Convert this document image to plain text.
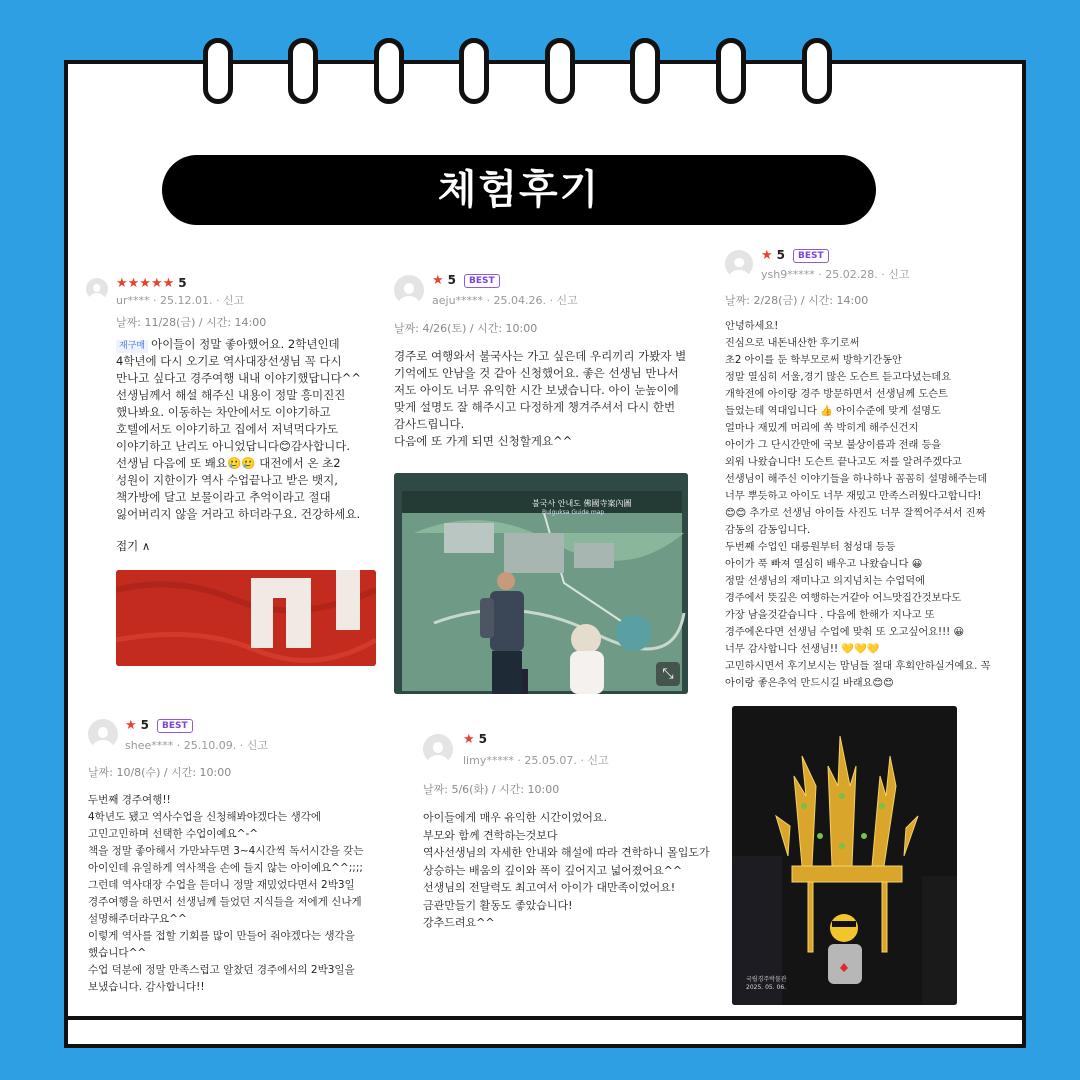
체험후기
★★★★★ 5
ur**** · 25.12.01. · 신고
날짜: 11/28(금) / 시간: 14:00
재구매 아이들이 정말 좋아했어요. 2학년인데
4학년에 다시 오기로 역사대장선생님 꼭 다시
만나고 싶다고 경주여행 내내 이야기했답니다^^
선생님께서 해설 해주신 내용이 정말 흥미진진
했나봐요. 이동하는 차안에서도 이야기하고
호텔에서도 이야기하고 집에서 저녁먹다가도
이야기하고 난리도 아니었답니다😊감사합니다.
선생님 다음에 또 봬요🥲🥲 대전에서 온 초2
성원이 지한이가 역사 수업끝나고 받은 뱃지,
책가방에 달고 보물이라고 추억이라고 절대
잃어버리지 않을 거라고 하더라구요. 건강하세요.
접기 ∧
★ 5 BEST
aeju***** · 25.04.26. · 신고
날짜: 4/26(토) / 시간: 10:00
경주로 여행와서 불국사는 가고 싶은데 우리끼리 가봤자 별
기억에도 안남을 것 같아 신청했어요. 좋은 선생님 만나서
저도 아이도 너무 유익한 시간 보냈습니다. 아이 눈높이에
맞게 설명도 잘 해주시고 다정하게 챙겨주셔서 다시 한번
감사드립니다.
다음에 또 가게 되면 신청할게요^^
불국사 안내도 佛國寺案內圖
Bulguksa Guide map
⤡
★ 5 BEST
ysh9***** · 25.02.28. · 신고
날짜: 2/28(금) / 시간: 14:00
안녕하세요!
진심으로 내돈내산한 후기로써
초2 아이를 둔 학부모로써 방학기간동안
정말 열심히 서울,경기 많은 도슨트 듣고다녔는데요
개학전에 아이랑 경주 방문하면서 선생님께 도슨트
들었는데 역대입니다 👍 아이수준에 맞게 설명도
얼마나 재밌게 머리에 쏙 박히게 해주신건지
아이가 그 단시간만에 국보 불상이름과 전래 등을
외워 나왔습니다! 도슨트 끝나고도 저를 알려주겠다고
선생님이 해주신 이야기들을 하나하나 꼼꼼히 설명해주는데
너무 뿌듯하고 아이도 너무 재밌고 만족스러웠다고합니다!
😊😊 추가로 선생님 아이들 사진도 너무 잘찍어주셔서 진짜
감동의 감동입니다.
두번째 수업인 대릉원부터 첨성대 등등
아이가 푹 빠져 열심히 배우고 나왔습니다 😀
정말 선생님의 재미나고 의지넘치는 수업덕에
경주에서 뜻깊은 여행하는거같아 어느맛집간것보다도
가장 남을것같습니다 . 다음에 한해가 지나고 또
경주에온다면 선생님 수업에 맞춰 또 오고싶어요!!! 😀
너무 감사합니다 선생님!! 💛💛💛
고민하시면서 후기보시는 맘님들 절대 후회안하실거예요. 꼭
아이랑 좋은추억 만드시길 바래요😊😊
국립경주박물관
2025. 05. 06.
★ 5 BEST
shee**** · 25.10.09. · 신고
날짜: 10/8(수) / 시간: 10:00
두번째 경주여행!!
4학년도 됐고 역사수업을 신청해봐야겠다는 생각에
고민고민하며 선택한 수업이예요^-^
책을 정말 좋아해서 가만놔두면 3~4시간씩 독서시간을 갖는
아이인데 유일하게 역사책을 손에 들지 않는 아이예요^^;;;;
그런데 역사대장 수업을 듣더니 정말 재밌었다면서 2박3일
경주여행을 하면서 선생님께 들었던 지식들을 저에게 신나게
설명해주더라구요^^
이렇게 역사를 접할 기회를 많이 만들어 줘야겠다는 생각을
했습니다^^
수업 덕분에 정말 만족스럽고 알찼던 경주에서의 2박3일을
보냈습니다. 감사합니다!!
★ 5
limy***** · 25.05.07. · 신고
날짜: 5/6(화) / 시간: 10:00
아이들에게 매우 유익한 시간이었어요.
부모와 함께 견학하는것보다
역사선생님의 자세한 안내와 해설에 따라 견학하니 몰입도가
상승하는 배움의 깊이와 폭이 깊어지고 넓어졌어요^^
선생님의 전달력도 최고여서 아이가 대만족이었어요!
금관만들기 활동도 좋았습니다!
강추드려요^^
